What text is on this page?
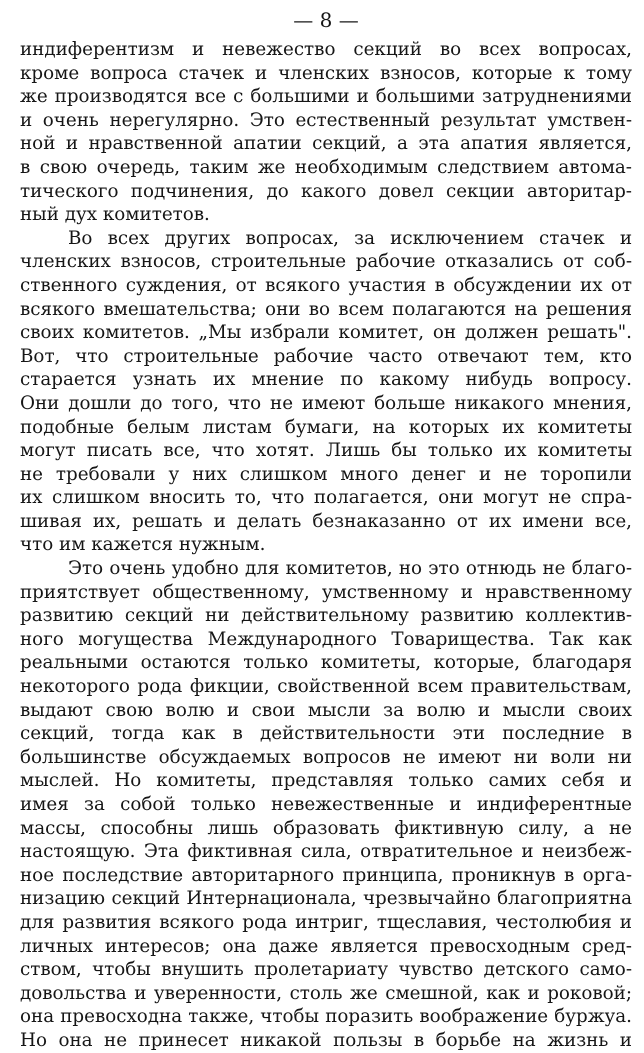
— 8 —

индиферентизм и невежество секций во всех вопросах,
кроме вопроса стачек и членских взносов, которые к тому
же производятся все с большими и большими затруднениями
и очень нерегулярно. Это естественный результат умствен-
ной и нравственной апатии секций, а эта апатия является,
в свою очередь, таким же необходимым следствием автома-
тического подчинения, до какого довел секции авторитар-
ный дух комитетов.

Во всех других вопросах, за исключением стачек и
членских взносов, строительные рабочие отказались от соб-
ственного суждения, от всякого участия в обсуждении их от
всякого вмешательства; они во всем полагаются на решения
своих комитетов. „Мы избрали комитет, он должен решать".
Вот, что строительные рабочие часто отвечают тем, кто
старается узнать их мнение по какому нибудь вопросу.
Они дошли до того, что не имеют больше никакого мнения,
подобные белым листам бумаги, на которых их комитеты
могут писать все, что хотят. Лишь бы только их комитеты
не требовали у них слишком много денег и не торопили
их слишком вносить то, что полагается, они могут не спра-
шивая их, решать и делать безнаказанно от их имени все,
что им кажется нужным.

Это очень удобно для комитетов, но это отнюдь не благо-
приятствует общественному, умственному и нравственному
развитию секций ни действительному развитию коллектив-
ного могущества Международного Товарищества. Так как
реальными остаются только комитеты, которые, благодаря
некоторого рода фикции, свойственной всем правительствам,
выдают свою волю и свои мысли за волю и мысли своих
секций, тогда как в действительности эти последние в
большинстве обсуждаемых вопросов не имеют ни воли ни
мыслей. Но комитеты, представляя только самих себя и
имея за собой только невежественные и индиферентные
массы, способны лишь образовать фиктивную силу, а не
настоящую. Эта фиктивная сила, отвратительное и неизбеж-
ное последствие авторитарного принципа, проникнув в орга-
низацию секций Интернационала, чрезвычайно благоприятна
для развития всякого рода интриг, тщеславия, честолюбия и
личных интересов; она даже является превосходным сред-
ством, чтобы внушить пролетариату чувство детского само-
довольства и уверенности, столь же смешной, как и роковой;
она превосходна также, чтобы поразить воображение буржуа.
Но она не принесет никакой пользы в борьбе на жизнь и
